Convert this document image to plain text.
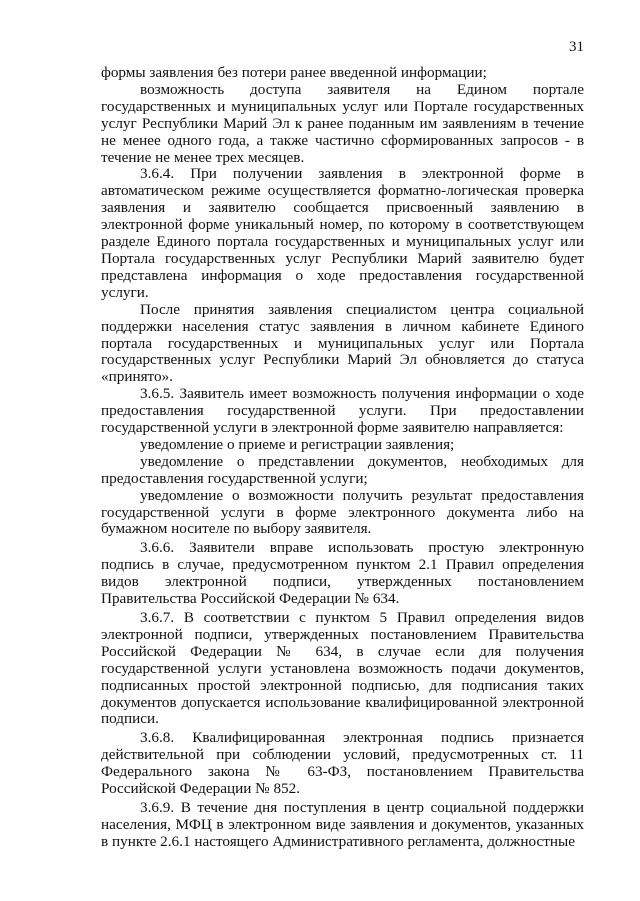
31

формы заявления без потери ранее введенной информации;

возможность доступа заявителя на Едином портале государственных и муниципальных услуг или Портале государственных услуг Республики Марий Эл к ранее поданным им заявлениям в течение не менее одного года, а также частично сформированных запросов - в течение не менее трех месяцев.

3.6.4. При получении заявления в электронной форме в автоматическом режиме осуществляется форматно-логическая проверка заявления и заявителю сообщается присвоенный заявлению в электронной форме уникальный номер, по которому в соответствующем разделе Единого портала государственных и муниципальных услуг или Портала государственных услуг Республики Марий заявителю будет представлена информация о ходе предоставления государственной услуги.

После принятия заявления специалистом центра социальной поддержки населения статус заявления в личном кабинете Единого портала государственных и муниципальных услуг или Портала государственных услуг Республики Марий Эл обновляется до статуса «принято».

3.6.5. Заявитель имеет возможность получения информации о ходе предоставления государственной услуги. При предоставлении государственной услуги в электронной форме заявителю направляется:

уведомление о приеме и регистрации заявления;

уведомление о представлении документов, необходимых для предоставления государственной услуги;

уведомление о возможности получить результат предоставления государственной услуги в форме электронного документа либо на бумажном носителе по выбору заявителя.

3.6.6. Заявители вправе использовать простую электронную подпись в случае, предусмотренном пунктом 2.1 Правил определения видов электронной подписи, утвержденных постановлением Правительства Российской Федерации № 634.

3.6.7. В соответствии с пунктом 5 Правил определения видов электронной подписи, утвержденных постановлением Правительства Российской Федерации № 634, в случае если для получения государственной услуги установлена возможность подачи документов, подписанных простой электронной подписью, для подписания таких документов допускается использование квалифицированной электронной подписи.

3.6.8. Квалифицированная электронная подпись признается действительной при соблюдении условий, предусмотренных ст. 11 Федерального закона № 63-ФЗ, постановлением Правительства Российской Федерации № 852.

3.6.9. В течение дня поступления в центр социальной поддержки населения, МФЦ в электронном виде заявления и документов, указанных в пункте 2.6.1 настоящего Административного регламента, должностные
